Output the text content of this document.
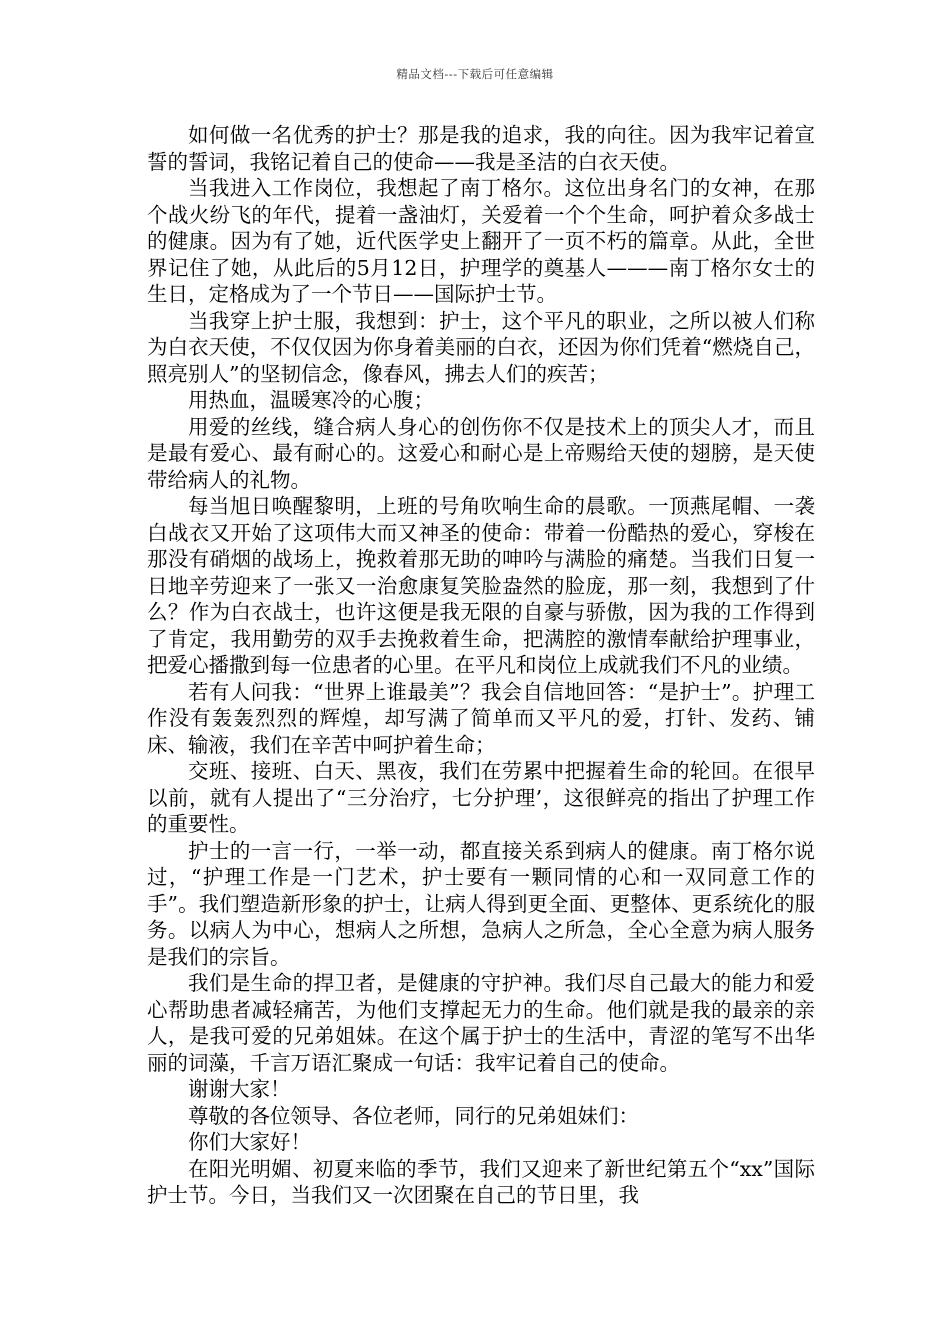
精品文档---下载后可任意编辑

如何做一名优秀的护士？那是我的追求，我的向往。因为我牢记着宣誓的誓词，我铭记着自己的使命——我是圣洁的白衣天使。

当我进入工作岗位，我想起了南丁格尔。这位出身名门的女神，在那个战火纷飞的年代，提着一盏油灯，关爱着一个个生命，呵护着众多战士的健康。因为有了她，近代医学史上翻开了一页不朽的篇章。从此，全世界记住了她，从此后的5月12日，护理学的奠基人———南丁格尔女士的生日，定格成为了一个节日——国际护士节。

当我穿上护士服，我想到：护士，这个平凡的职业，之所以被人们称为白衣天使，不仅仅因为你身着美丽的白衣，还因为你们凭着“燃烧自己，照亮别人”的坚韧信念，像春风，拂去人们的疾苦；

用热血，温暖寒冷的心腹；

用爱的丝线，缝合病人身心的创伤你不仅是技术上的顶尖人才，而且是最有爱心、最有耐心的。这爱心和耐心是上帝赐给天使的翅膀，是天使带给病人的礼物。

每当旭日唤醒黎明，上班的号角吹响生命的晨歌。一顶燕尾帽、一袭白战衣又开始了这项伟大而又神圣的使命：带着一份酷热的爱心，穿梭在那没有硝烟的战场上，挽救着那无助的呻吟与满脸的痛楚。当我们日复一日地辛劳迎来了一张又一治愈康复笑脸盎然的脸庞，那一刻，我想到了什么？作为白衣战士，也许这便是我无限的自豪与骄傲，因为我的工作得到了肯定，我用勤劳的双手去挽救着生命，把满腔的激情奉献给护理事业，把爱心播撒到每一位患者的心里。在平凡和岗位上成就我们不凡的业绩。

若有人问我：“世界上谁最美”？我会自信地回答：“是护士”。护理工作没有轰轰烈烈的辉煌，却写满了简单而又平凡的爱，打针、发药、铺床、输液，我们在辛苦中呵护着生命；

交班、接班、白天、黑夜，我们在劳累中把握着生命的轮回。在很早以前，就有人提出了“三分治疗，七分护理’，这很鲜亮的指出了护理工作的重要性。

护士的一言一行，一举一动，都直接关系到病人的健康。南丁格尔说过，“护理工作是一门艺术，护士要有一颗同情的心和一双同意工作的手”。我们塑造新形象的护士，让病人得到更全面、更整体、更系统化的服务。以病人为中心，想病人之所想，急病人之所急，全心全意为病人服务是我们的宗旨。

我们是生命的捍卫者，是健康的守护神。我们尽自己最大的能力和爱心帮助患者减轻痛苦，为他们支撑起无力的生命。他们就是我的最亲的亲人，是我可爱的兄弟姐妹。在这个属于护士的生活中，青涩的笔写不出华丽的词藻，千言万语汇聚成一句话：我牢记着自己的使命。

谢谢大家！

尊敬的各位领导、各位老师，同行的兄弟姐妹们：

你们大家好！

在阳光明媚、初夏来临的季节，我们又迎来了新世纪第五个“xx”国际护士节。今日，当我们又一次团聚在自己的节日里，我
